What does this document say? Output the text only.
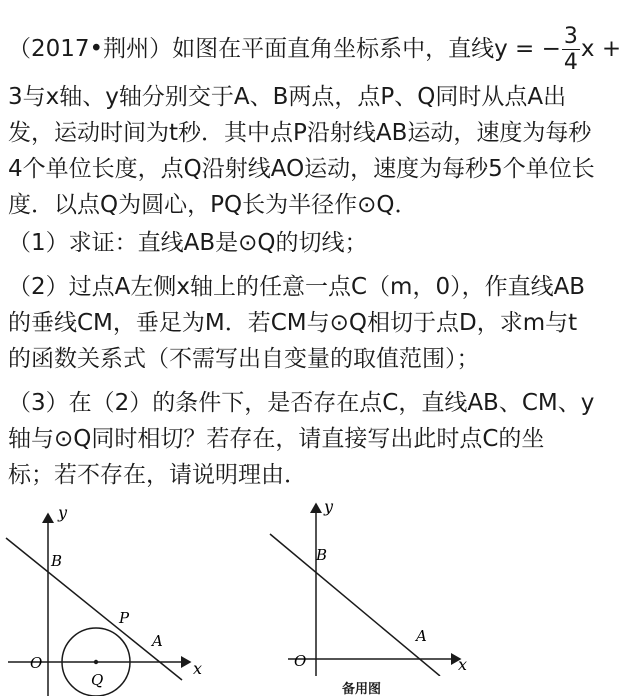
（2017•荆州）如图在平面直角坐标系中，直线y = − $\frac{3}{4}$ x +
3与x轴、y轴分别交于A、B两点，点P、Q同时从点A出
发，运动时间为t秒．其中点P沿射线AB运动，速度为每秒
4个单位长度，点Q沿射线AO运动，速度为每秒5个单位长
度．以点Q为圆心，PQ长为半径作⊙Q．
（1）求证：直线AB是⊙Q的切线；
（2）过点A左侧x轴上的任意一点C（m，0），作直线AB
的垂线CM，垂足为M．若CM与⊙Q相切于点D，求m与t
的函数关系式（不需写出自变量的取值范围）；
（3）在（2）的条件下，是否存在点C，直线AB、CM、y
轴与⊙Q同时相切？若存在，请直接写出此时点C的坐
标；若不存在，请说明理由．
y
x
O
B
P
A
Q
y
x
O
B
A
备用图
